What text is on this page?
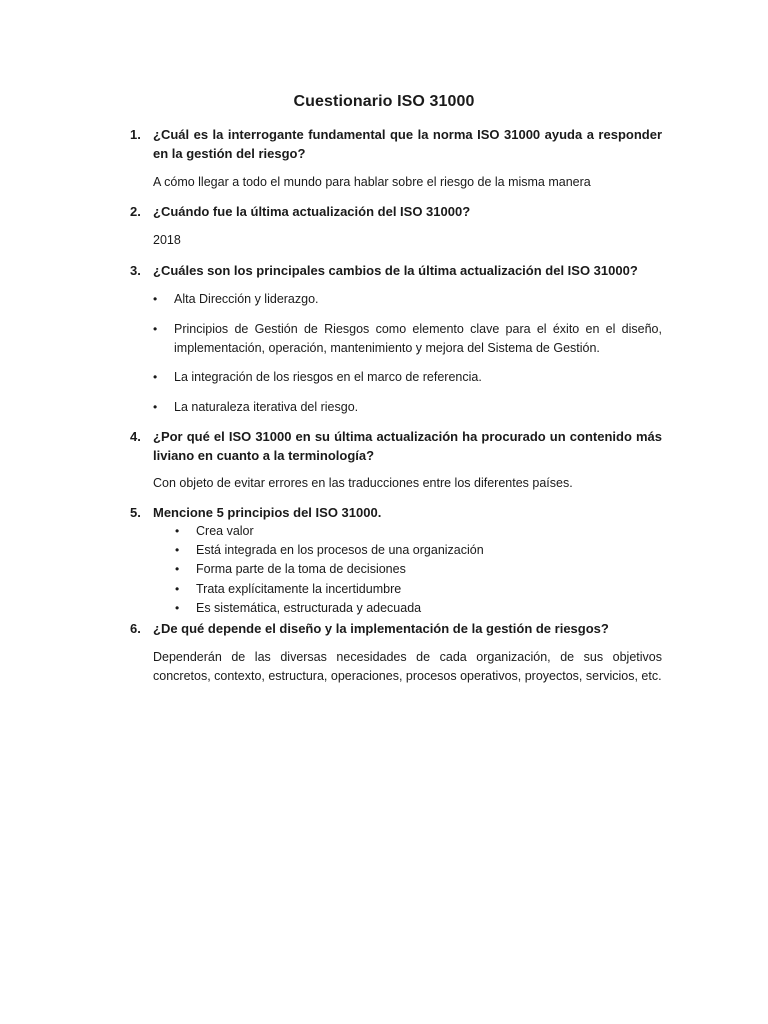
Cuestionario ISO 31000
1. ¿Cuál es la interrogante fundamental que la norma ISO 31000 ayuda a responder en la gestión del riesgo?
A cómo llegar a todo el mundo para hablar sobre el riesgo de la misma manera
2. ¿Cuándo fue la última actualización del ISO 31000?
2018
3. ¿Cuáles son los principales cambios de la última actualización del ISO 31000?
• Alta Dirección y liderazgo.
• Principios de Gestión de Riesgos como elemento clave para el éxito en el diseño, implementación, operación, mantenimiento y mejora del Sistema de Gestión.
• La integración de los riesgos en el marco de referencia.
• La naturaleza iterativa del riesgo.
4. ¿Por qué el ISO 31000 en su última actualización ha procurado un contenido más liviano en cuanto a la terminología?
Con objeto de evitar errores en las traducciones entre los diferentes países.
5. Mencione 5 principios del ISO 31000.
• Crea valor
• Está integrada en los procesos de una organización
• Forma parte de la toma de decisiones
• Trata explícitamente la incertidumbre
• Es sistemática, estructurada y adecuada
6. ¿De qué depende el diseño y la implementación de la gestión de riesgos?
Dependerán de las diversas necesidades de cada organización, de sus objetivos concretos, contexto, estructura, operaciones, procesos operativos, proyectos, servicios, etc.
